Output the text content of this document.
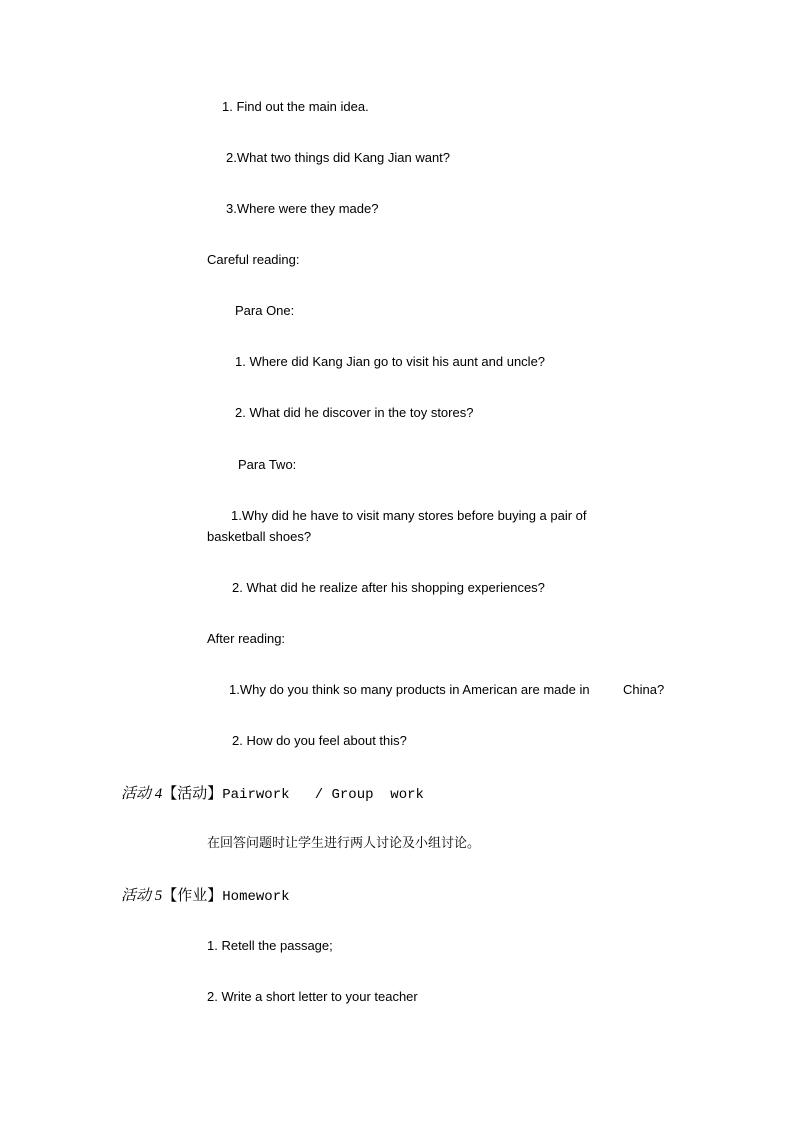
1. Find out the main idea.
2.What two things did Kang Jian want?
3.Where were they made?
Careful reading:
Para One:
1. Where did Kang Jian go to visit his aunt and uncle?
2. What did he discover in the toy stores?
Para Two:
1.Why did he have to visit many stores before buying a pair of
basketball shoes?
2. What did he realize after his shopping experiences?
After reading:
1.Why do you think so many products in American are made in	China?
2. How do you feel about this?
活动 4【活动】Pairwork   / Group  work
在回答问题时让学生进行两人讨论及小组讨论。
活动 5【作业】Homework
1. Retell the passage;
2. Write a short letter to your teacher
